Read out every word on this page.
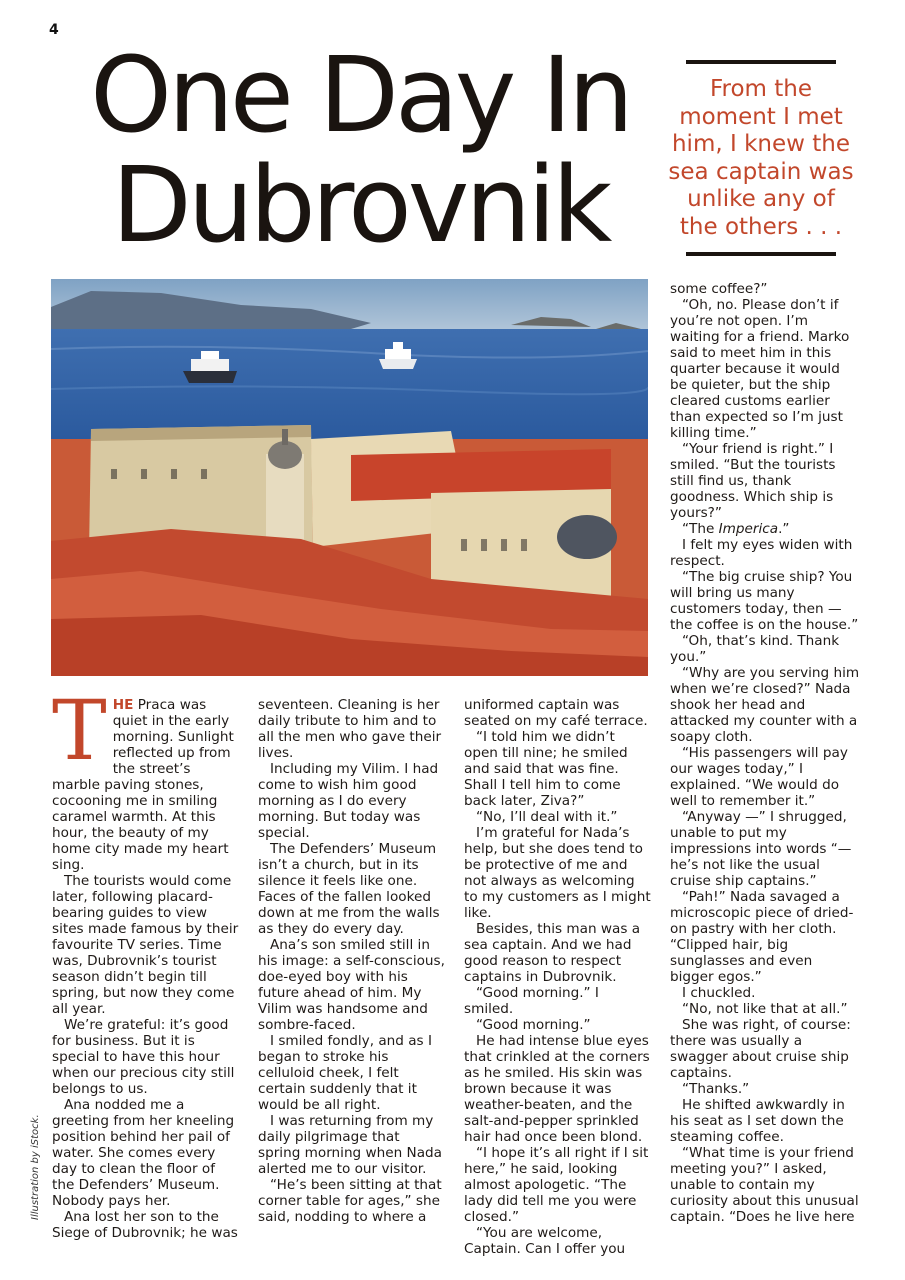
4
One Day In
Dubrovnik
From the moment I met him, I knew the sea captain was unlike any of the others . . .
Illustration by iStock.

THE Praca was quiet in the early morning. Sunlight reflected up from the street’s marble paving stones, cocooning me in smiling caramel warmth. At this hour, the beauty of my home city made my heart sing.

The tourists would come later, following placard-bearing guides to view sites made famous by their favourite TV series. Time was, Dubrovnik’s tourist season didn’t begin till spring, but now they come all year.

We’re grateful: it’s good for business. But it is special to have this hour when our precious city still belongs to us.

Ana nodded me a greeting from her kneeling position behind her pail of water. She comes every day to clean the floor of the Defenders’ Museum. Nobody pays her.

Ana lost her son to the Siege of Dubrovnik; he was

seventeen. Cleaning is her daily tribute to him and to all the men who gave their lives.

Including my Vilim. I had come to wish him good morning as I do every morning. But today was special.

The Defenders’ Museum isn’t a church, but in its silence it feels like one. Faces of the fallen looked down at me from the walls as they do every day.

Ana’s son smiled still in his image: a self-conscious, doe-eyed boy with his future ahead of him. My Vilim was handsome and sombre-faced.

I smiled fondly, and as I began to stroke his celluloid cheek, I felt certain suddenly that it would be all right.

I was returning from my daily pilgrimage that spring morning when Nada alerted me to our visitor.

“He’s been sitting at that corner table for ages,” she said, nodding to where a

uniformed captain was seated on my café terrace.

“I told him we didn’t open till nine; he smiled and said that was fine. Shall I tell him to come back later, Ziva?”

“No, I’ll deal with it.”

I’m grateful for Nada’s help, but she does tend to be protective of me and not always as welcoming to my customers as I might like.

Besides, this man was a sea captain. And we had good reason to respect captains in Dubrovnik.

“Good morning.” I smiled.

“Good morning.”

He had intense blue eyes that crinkled at the corners as he smiled. His skin was brown because it was weather-beaten, and the salt-and-pepper sprinkled hair had once been blond.

“I hope it’s all right if I sit here,” he said, looking almost apologetic. “The lady did tell me you were closed.”

“You are welcome, Captain. Can I offer you

some coffee?”

“Oh, no. Please don’t if you’re not open. I’m waiting for a friend. Marko said to meet him in this quarter because it would be quieter, but the ship cleared customs earlier than expected so I’m just killing time.”

“Your friend is right.” I smiled. “But the tourists still find us, thank goodness. Which ship is yours?”

“The Imperica.”

I felt my eyes widen with respect.

“The big cruise ship? You will bring us many customers today, then — the coffee is on the house.”

“Oh, that’s kind. Thank you.”

“Why are you serving him when we’re closed?” Nada shook her head and attacked my counter with a soapy cloth.

“His passengers will pay our wages today,” I explained. “We would do well to remember it.”

“Anyway —” I shrugged, unable to put my impressions into words “— he’s not like the usual cruise ship captains.”

“Pah!” Nada savaged a microscopic piece of dried-on pastry with her cloth. “Clipped hair, big sunglasses and even bigger egos.”

I chuckled.

“No, not like that at all.”

She was right, of course: there was usually a swagger about cruise ship captains.

“Thanks.”

He shifted awkwardly in his seat as I set down the steaming coffee.

“What time is your friend meeting you?” I asked, unable to contain my curiosity about this unusual captain. “Does he live here
